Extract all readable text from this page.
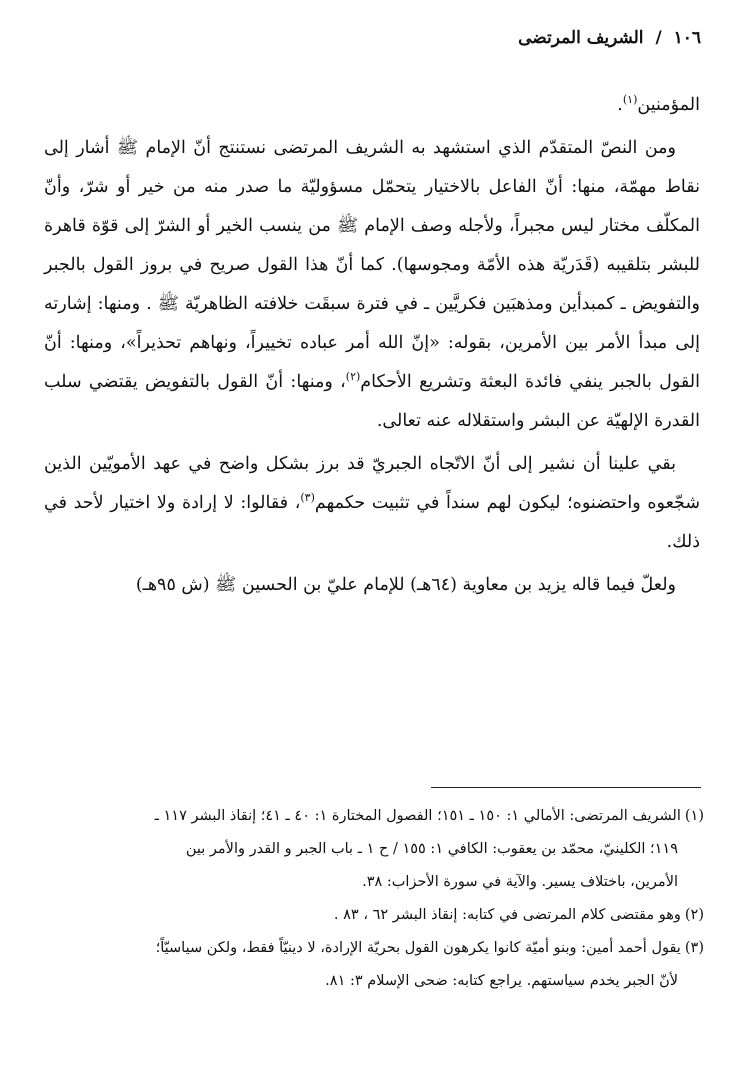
١٠٦ / الشريف المرتضى

المؤمنين$^{(١)}$.

ومن النصّ المتقدّم الذي استشهد به الشريف المرتضى نستنتج أنّ الإمام ﷺ أشار إلى نقاط مهمّة، منها: أنّ الفاعل بالاختيار يتحمّل مسؤوليّة ما صدر منه من خير أو شرّ، وأنّ المكلّف مختار ليس مجبراً، ولأجله وصف الإمام ﷺ من ينسب الخير أو الشرّ إلى قوّة قاهرة للبشر بتلقيبه (قَدَريّة هذه الأمّة ومجوسها). كما أنّ هذا القول صريح في بروز القول بالجبر والتفويض ـ كمبدأين ومذهبَين فكريَّين ـ في فترة سبقَت خلافته الظاهريّة ﷺ . ومنها: إشارته إلى مبدأ الأمر بين الأمرين، بقوله: «إنّ الله أمر عباده تخييراً، ونهاهم تحذيراً»، ومنها: أنّ القول بالجبر ينفي فائدة البعثة وتشريع الأحكام$^{(٢)}$، ومنها: أنّ القول بالتفويض يقتضي سلب القدرة الإلهيّة عن البشر واستقلاله عنه تعالى.

بقي علينا أن نشير إلى أنّ الاتّجاه الجبريّ قد برز بشكل واضح في عهد الأمويّين الذين شجّعوه واحتضنوه؛ ليكون لهم سنداً في تثبيت حكمهم$^{(٣)}$، فقالوا: لا إرادة ولا اختيار لأحد في ذلك.

ولعلّ فيما قاله يزيد بن معاوية (٦٤هـ) للإمام عليّ بن الحسين ﷺ (ش ٩٥هـ)

(١)الشريف المرتضى: الأمالي ١: ١٥٠ ـ ١٥١؛ الفصول المختارة ١: ٤٠ ـ ٤١؛ إنقاذ البشر ١١٧ ـ

١١٩؛ الكلينيّ، محمّد بن يعقوب: الكافي ١: ١٥٥ / ح ١ ـ باب الجبر و القدر والأمر بين

الأمرين، باختلاف يسير. والآية في سورة الأحزاب: ٣٨.

(٢)وهو مقتضى كلام المرتضى في كتابه: إنقاذ البشر ٦٢ ، ٨٣ .

(٣)يقول أحمد أمين: وبنو أميّة كانوا يكرهون القول بحريّة الإرادة، لا دينيّاً فقط، ولكن سياسيّاً؛

لأنّ الجبر يخدم سياستهم. يراجع كتابه: ضحى الإسلام ٣: ٨١.
